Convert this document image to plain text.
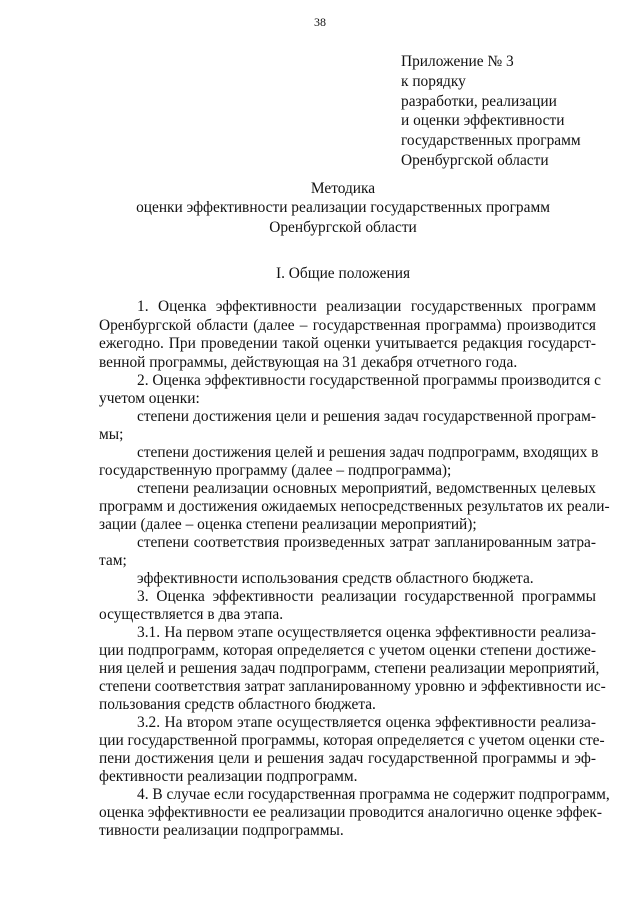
38
Приложение № 3
к порядку
разработки, реализации
и оценки эффективности
государственных программ
Оренбургской области
Методика
оценки эффективности реализации государственных программ
Оренбургской области
I. Общие положения
1. Оценка эффективности реализации государственных программ
Оренбургской области (далее – государственная программа) производится
ежегодно. При проведении такой оценки учитывается редакция государст-
венной программы, действующая на 31 декабря отчетного года.
2. Оценка эффективности государственной программы производится с
учетом оценки:
степени достижения цели и решения задач государственной програм-
мы;
степени достижения целей и решения задач подпрограмм, входящих в
государственную программу (далее – подпрограмма);
степени реализации основных мероприятий, ведомственных целевых
программ и достижения ожидаемых непосредственных результатов их реали-
зации (далее – оценка степени реализации мероприятий);
степени соответствия произведенных затрат запланированным затра-
там;
эффективности использования средств областного бюджета.
3. Оценка эффективности реализации государственной программы
осуществляется в два этапа.
3.1. На первом этапе осуществляется оценка эффективности реализа-
ции подпрограмм, которая определяется с учетом оценки степени достиже-
ния целей и решения задач подпрограмм, степени реализации мероприятий,
степени соответствия затрат запланированному уровню и эффективности ис-
пользования средств областного бюджета.
3.2. На втором этапе осуществляется оценка эффективности реализа-
ции государственной программы, которая определяется с учетом оценки сте-
пени достижения цели и решения задач государственной программы и эф-
фективности реализации подпрограмм.
4. В случае если государственная программа не содержит подпрограмм,
оценка эффективности ее реализации проводится аналогично оценке эффек-
тивности реализации подпрограммы.
